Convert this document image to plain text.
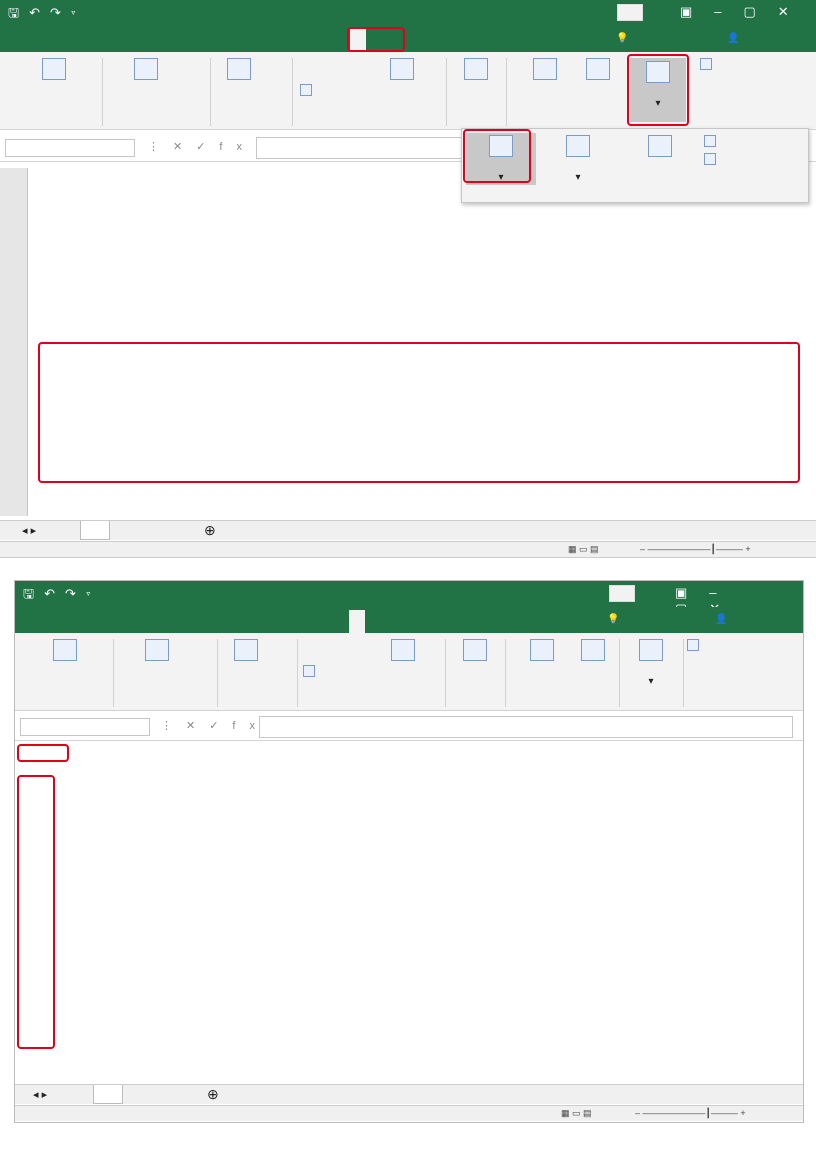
🖫↶↷▿	▣–▢✕
💡	👤

▾
⋮✕✓fx

▾	▾
◂ ▸	⊕
▦ ▭ ▤	– ———————┃——— +
🖫↶↷▿	▣–
💡	👤

▾
⋮✕✓fx
◂ ▸	⊕
▦ ▭ ▤	– ———————┃——— +
